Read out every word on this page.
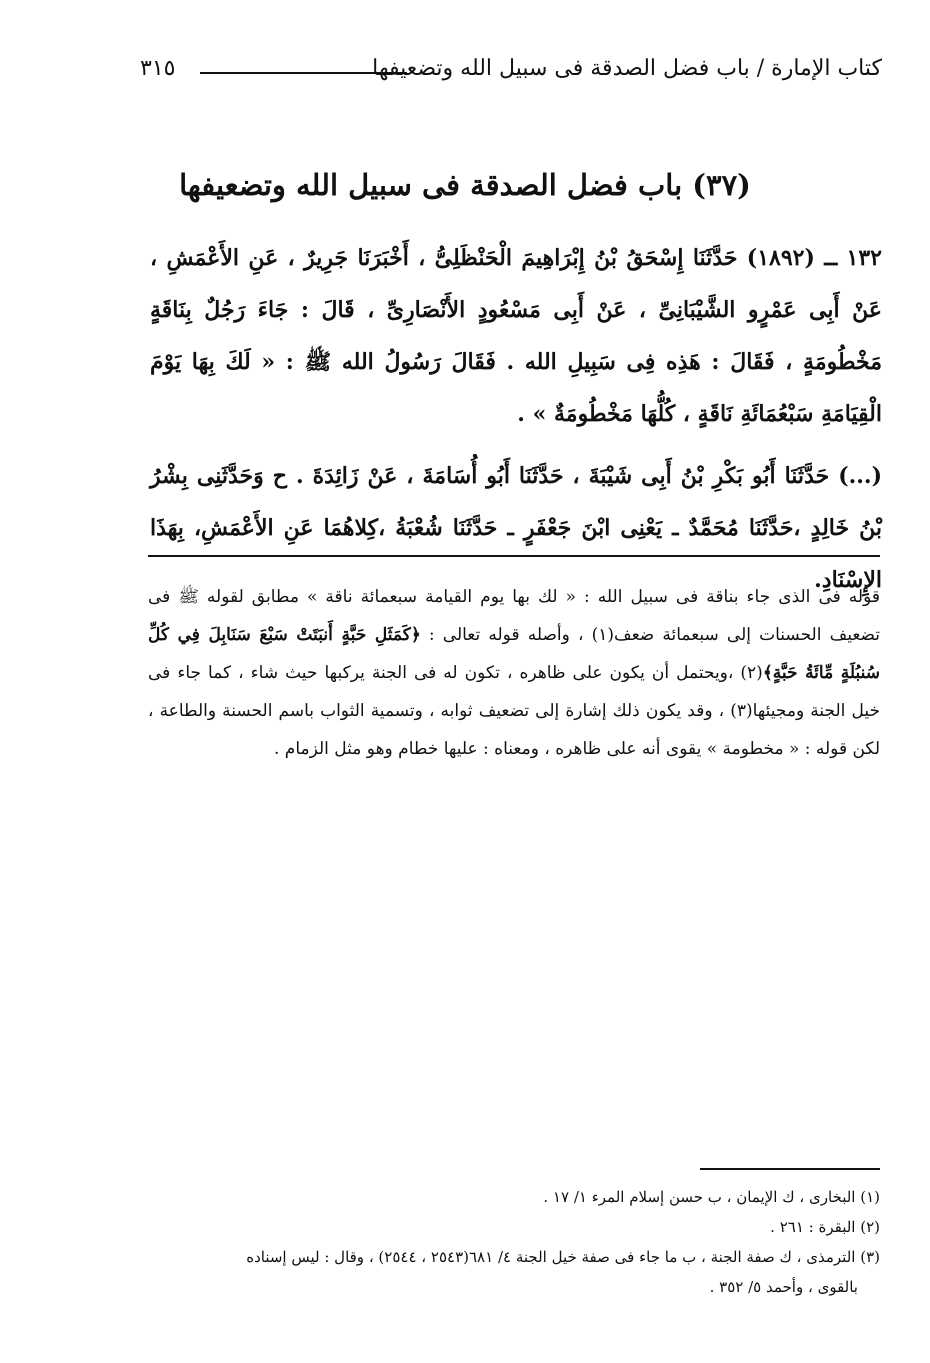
كتاب الإمارة / باب فضل الصدقة فى سبيل الله وتضعيفها
٣١٥
(٣٧) باب فضل الصدقة فى سبيل الله وتضعيفها

١٣٢ ــ (١٨٩٢) حَدَّثَنَا إِسْحَقُ بْنُ إِبْرَاهِيمَ الْحَنْظَلِىُّ ، أَخْبَرَنَا جَرِيرٌ ، عَنِ الأَعْمَشِ ، عَنْ أَبِى عَمْرٍو الشَّيْبَانِىِّ ، عَنْ أَبِى مَسْعُودٍ الأَنْصَارِىِّ ، قَالَ : جَاءَ رَجُلٌ بِنَاقَةٍ مَخْطُومَةٍ ، فَقَالَ : هَذِه فِى سَبِيلِ الله . فَقَالَ رَسُولُ الله ﷺ : « لَكَ بِهَا يَوْمَ الْقِيَامَةِ سَبْعُمَائَةِ نَاقَةٍ ، كُلُّهَا مَخْطُومَةٌ » .

(...) حَدَّثَنَا أَبُو بَكْرِ بْنُ أَبِى شَيْبَةَ ، حَدَّثَنَا أَبُو أُسَامَةَ ، عَنْ زَائِدَةَ . ح وَحَدَّثَنِى بِشْرُ بْنُ خَالِدٍ ،حَدَّثَنَا مُحَمَّدٌ ـ يَعْنِى ابْنَ جَعْفَرٍ ـ حَدَّثَنَا شُعْبَةُ ،كِلاهُمَا عَنِ الأَعْمَشِ، بِهَذَا الإِسْنَادِ.

قوله فى الذى جاء بناقة فى سبيل الله : « لك بها يوم القيامة سبعمائة ناقة » مطابق لقوله ﷺ فى تضعيف الحسنات إلى سبعمائة ضعف(١) ، وأصله قوله تعالى : ﴿كَمَثَلِ حَبَّةٍ أَنبَتَتْ سَبْعَ سَنَابِلَ فِي كُلِّ سُنبُلَةٍ مِّائَةُ حَبَّةٍ﴾(٢) ،ويحتمل أن يكون على ظاهره ، تكون له فى الجنة يركبها حيث شاء ، كما جاء فى خيل الجنة ومجيئها(٣) ، وقد يكون ذلك إشارة إلى تضعيف ثوابه ، وتسمية الثواب باسم الحسنة والطاعة ، لكن قوله : « مخطومة » يقوى أنه على ظاهره ، ومعناه : عليها خطام وهو مثل الزمام .

(١) البخارى ، ك الإيمان ، ب حسن إسلام المرء ١/ ١٧ .

(٢) البقرة : ٢٦١ .

(٣) الترمذى ، ك صفة الجنة ، ب ما جاء فى صفة خيل الجنة ٤/ ٦٨١(٢٥٤٣ ، ٢٥٤٤) ، وقال : ليس إسناده

بالقوى ، وأحمد ٥/ ٣٥٢ .
